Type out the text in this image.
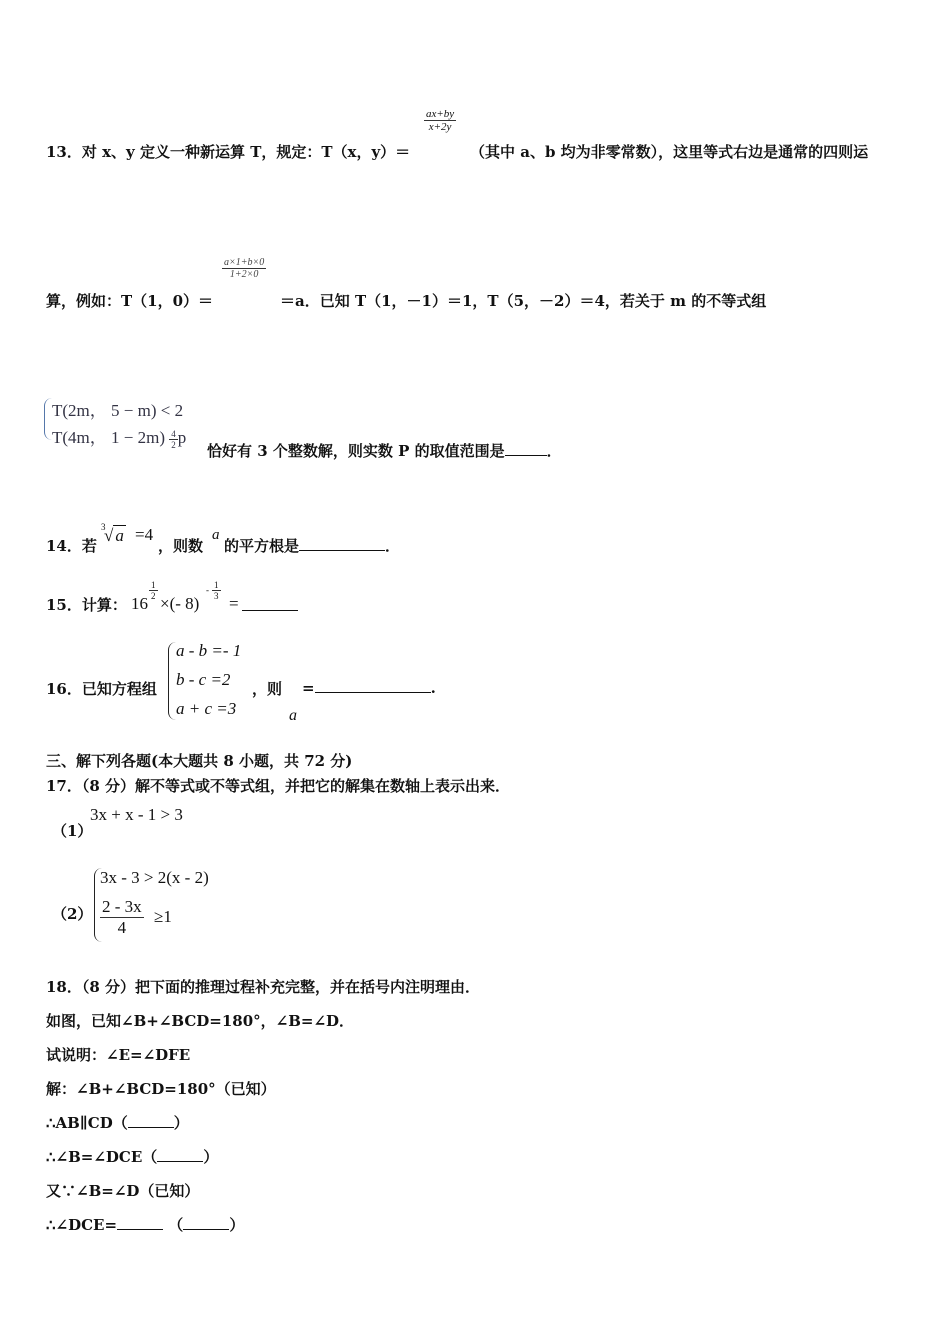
13．对 x、y 定义一种新运算 T，规定：T（x，y）＝
$\frac{ax+by}{x+2y}$
（其中 a、b 均为非零常数），这里等式右边是通常的四则运
算，例如：T（1，0）＝
$\frac{a\times 1+b\times 0}{1+2\times 0}$
＝a．已知 T（1，－1）＝1，T（5，－2）＝4，若关于 m 的不等式组
T(2m， 5 − m) < 2
T(4m， $1 - 2m) \frac{4}{2}$ p
恰好有 3 个整数解，则实数 P 的取值范围是	．
14．若
3
√ a =4
，则数
a
的平方根是	．
15．计算： 16
$\frac{1}{2}$
×(- 8)
- $\frac{1}{3}$
=
16．已知方程组
a - b =- 1
b - c =2
a + c =3
，则 =	.
a
三、解下列各题(本大题共 8 小题，共 72 分)
17．（8 分）解不等式或不等式组，并把它的解集在数轴上表示出来．
（1）
3x + x - 1 > 3
（2）
3x - 3 > 2(x - 2)
$\frac{2 - 3x}{4} \ge 1$
18．（8 分）把下面的推理过程补充完整，并在括号内注明理由．
如图，已知∠B+∠BCD=180°，∠B=∠D．
试说明：∠E=∠DFE
解：∠B+∠BCD=180°（已知）
∴AB∥CD（	）
∴∠B=∠DCE（	）
又∵∠B=∠D（已知）
∴∠DCE=	（	）
